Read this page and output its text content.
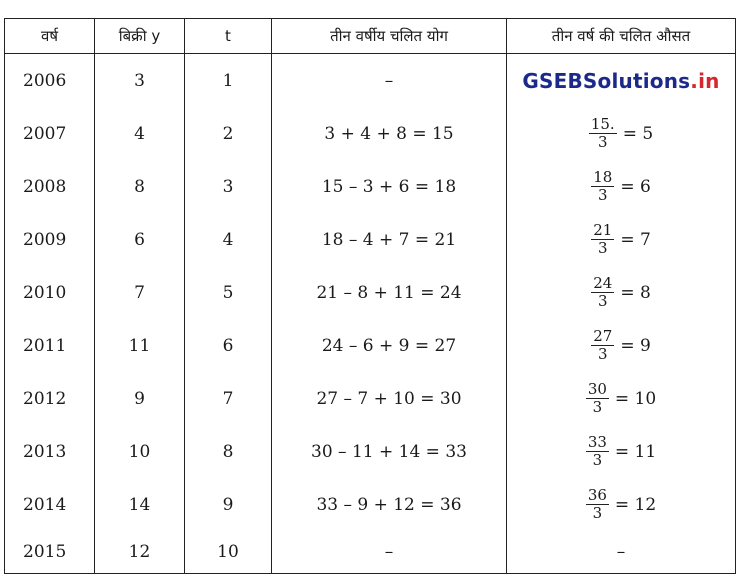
वर्ष	बिक्री y	t	तीन वर्षीय चलित योग	तीन वर्ष की चलित औसत
2006	3	1	–	GSEBSolutions.in
2007	4	2	3 + 4 + 8 = 15	$\frac{15.}{3} = 5$
2008	8	3	15 – 3 + 6 = 18	$\frac{18}{3} = 6$
2009	6	4	18 – 4 + 7 = 21	$\frac{21}{3} = 7$
2010	7	5	21 – 8 + 11 = 24	$\frac{24}{3} = 8$
2011	11	6	24 – 6 + 9 = 27	$\frac{27}{3} = 9$
2012	9	7	27 – 7 + 10 = 30	$\frac{30}{3} = 10$
2013	10	8	30 – 11 + 14 = 33	$\frac{33}{3} = 11$
2014	14	9	33 – 9 + 12 = 36	$\frac{36}{3} = 12$
2015	12	10	–	–
